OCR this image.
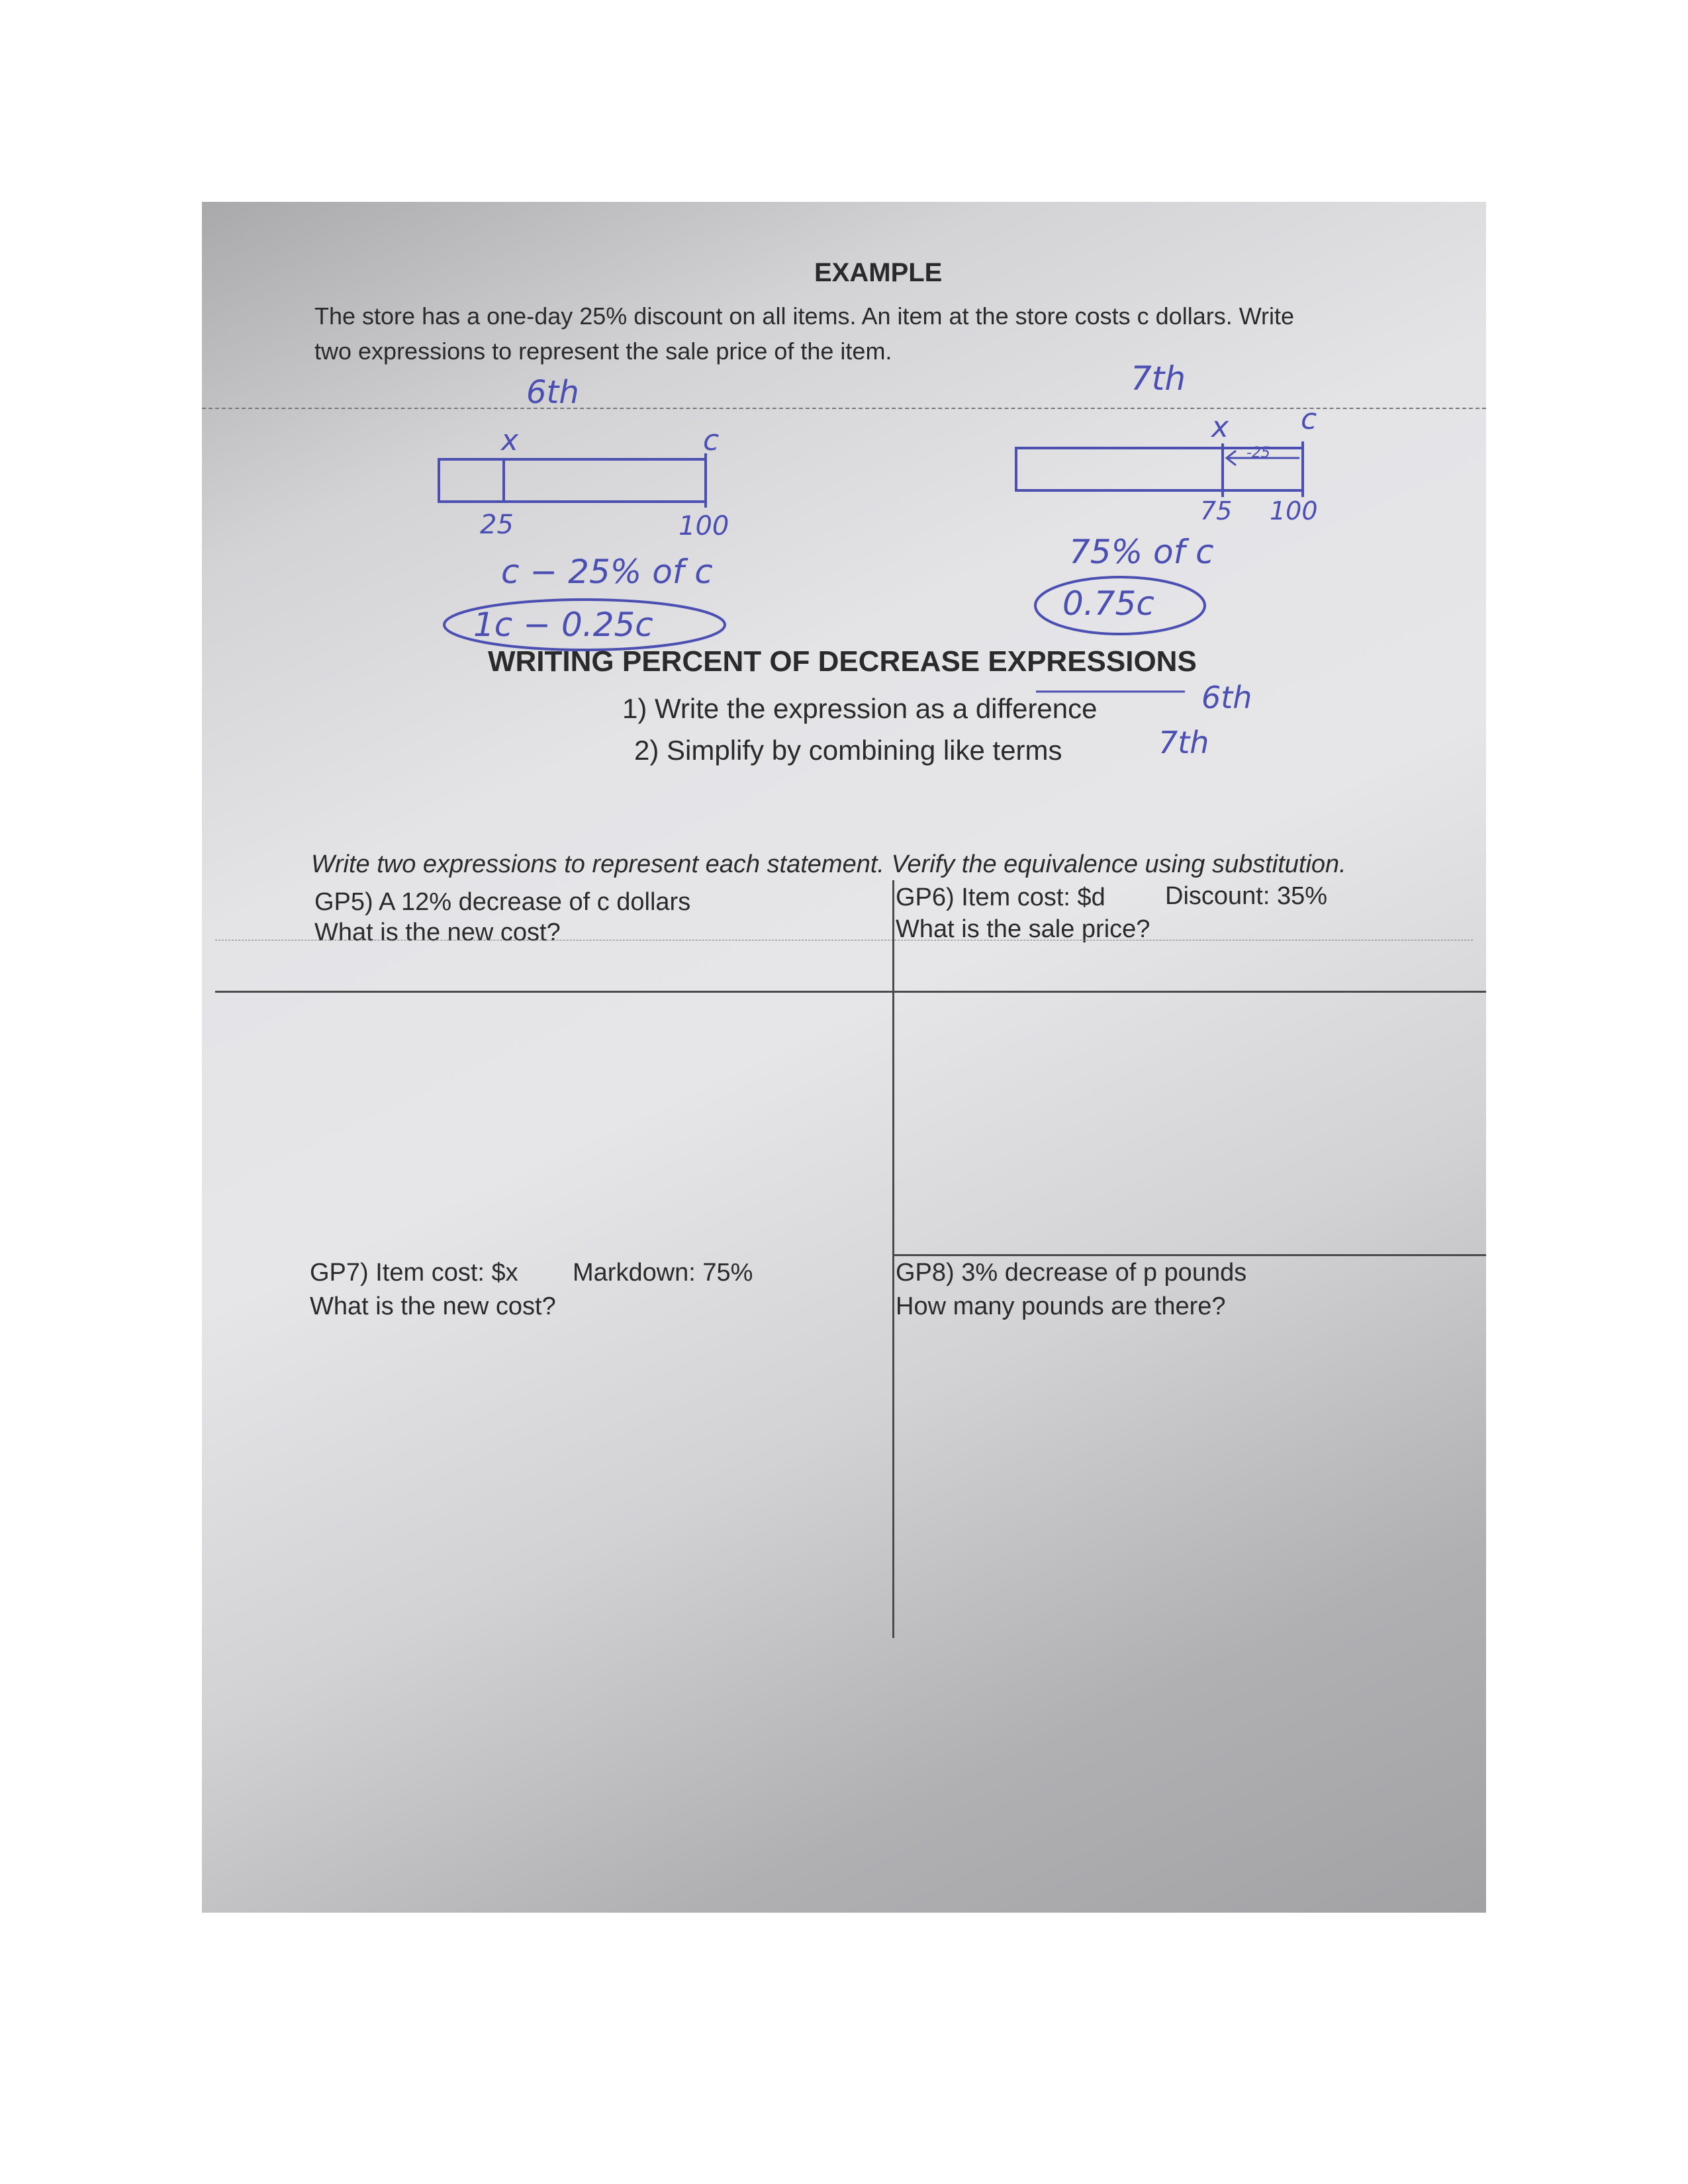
EXAMPLE
The store has a one-day 25% discount on all items. An item at the store costs c dollars. Write
two expressions to represent the sale price of the item.
6th
x	c
25	100
c − 25% of c
1c − 0.25c
7th
x c
-25
75 100
75% of c
0.75c
WRITING PERCENT OF DECREASE EXPRESSIONS
1) Write the expression as a difference	6th
2) Simplify by combining like terms	7th
Write two expressions to represent each statement. Verify the equivalence using substitution.
GP5) A 12% decrease of c dollars
What is the new cost?
GP6) Item cost: $d Discount: 35%
What is the sale price?
GP7) Item cost: $x Markdown: 75%
What is the new cost?
GP8) 3% decrease of p pounds
How many pounds are there?
